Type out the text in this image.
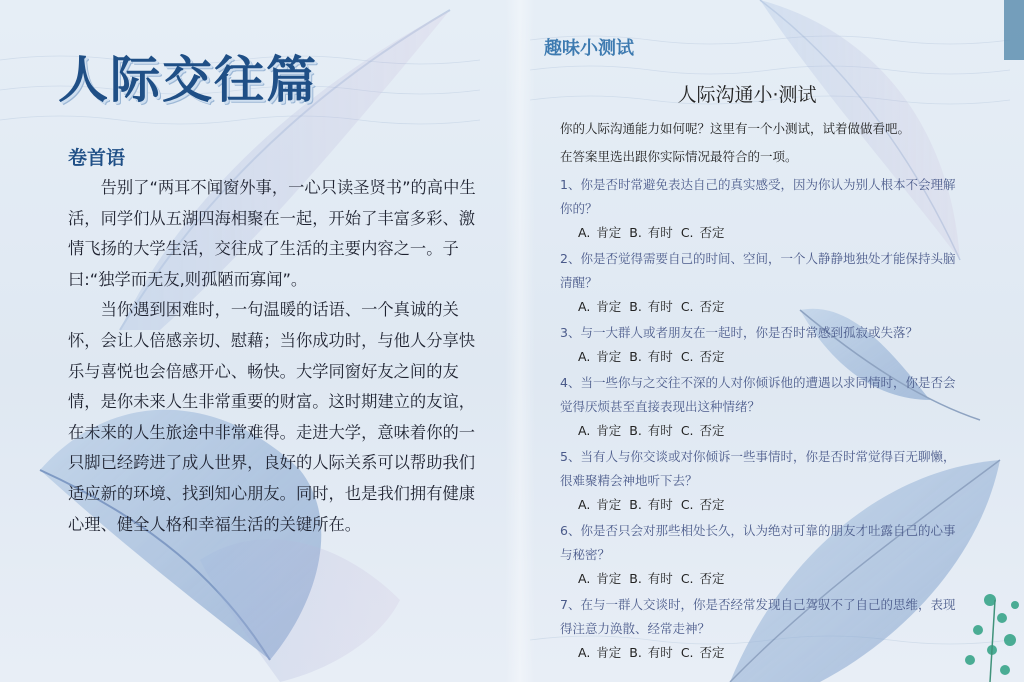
人际交往篇
卷首语

告别了“两耳不闻窗外事，一心只读圣贤书”的高中生活，同学们从五湖四海相聚在一起，开始了丰富多彩、激情飞扬的大学生活，交往成了生活的主要内容之一。子曰:“独学而无友,则孤陋而寡闻”。

当你遇到困难时，一句温暖的话语、一个真诚的关怀，会让人倍感亲切、慰藉；当你成功时，与他人分享快乐与喜悦也会倍感开心、畅快。大学同窗好友之间的友情，是你未来人生非常重要的财富。这时期建立的友谊，在未来的人生旅途中非常难得。走进大学，意味着你的一只脚已经跨进了成人世界，良好的人际关系可以帮助我们适应新的环境、找到知心朋友。同时，也是我们拥有健康心理、健全人格和幸福生活的关键所在。

趣味小测试
人际沟通小·测试

你的人际沟通能力如何呢？这里有一个小测试，试着做做看吧。

在答案里选出跟你实际情况最符合的一项。

1、你是否时常避免表达自己的真实感受，因为你认为别人根本不会理解你的？
A. 肯定 B. 有时 C. 否定
2、你是否觉得需要自己的时间、空间，一个人静静地独处才能保持头脑清醒？
A. 肯定 B. 有时 C. 否定
3、与一大群人或者朋友在一起时，你是否时常感到孤寂或失落？
A. 肯定 B. 有时 C. 否定
4、当一些你与之交往不深的人对你倾诉他的遭遇以求同情时，你是否会觉得厌烦甚至直接表现出这种情绪？
A. 肯定 B. 有时 C. 否定
5、当有人与你交谈或对你倾诉一些事情时，你是否时常觉得百无聊懒，很难聚精会神地听下去？
A. 肯定 B. 有时 C. 否定
6、你是否只会对那些相处长久，认为绝对可靠的朋友才吐露自己的心事与秘密？
A. 肯定 B. 有时 C. 否定
7、在与一群人交谈时，你是否经常发现自己驾驭不了自己的思维，表现得注意力涣散、经常走神？
A. 肯定 B. 有时 C. 否定
